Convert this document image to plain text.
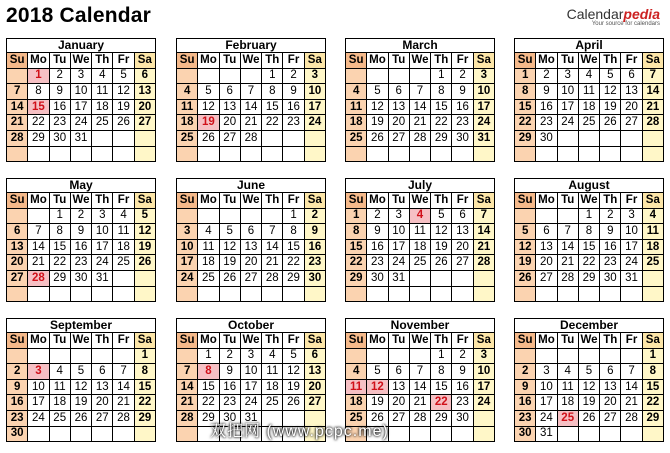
2018 Calendar	Calendarpedia
Your source for calendars
January
Su	Mo	Tu	We	Th	Fr	Sa
	1	2	3	4	5	6
7	8	9	10	11	12	13
14	15	16	17	18	19	20
21	22	23	24	25	26	27
28	29	30	31			

February
Su	Mo	Tu	We	Th	Fr	Sa
				1	2	3
4	5	6	7	8	9	10
11	12	13	14	15	16	17
18	19	20	21	22	23	24
25	26	27	28			

March
Su	Mo	Tu	We	Th	Fr	Sa
				1	2	3
4	5	6	7	8	9	10
11	12	13	14	15	16	17
18	19	20	21	22	23	24
25	26	27	28	29	30	31

April
Su	Mo	Tu	We	Th	Fr	Sa
1	2	3	4	5	6	7
8	9	10	11	12	13	14
15	16	17	18	19	20	21
22	23	24	25	26	27	28
29	30					

May
Su	Mo	Tu	We	Th	Fr	Sa
		1	2	3	4	5
6	7	8	9	10	11	12
13	14	15	16	17	18	19
20	21	22	23	24	25	26
27	28	29	30	31		

June
Su	Mo	Tu	We	Th	Fr	Sa
					1	2
3	4	5	6	7	8	9
10	11	12	13	14	15	16
17	18	19	20	21	22	23
24	25	26	27	28	29	30

July
Su	Mo	Tu	We	Th	Fr	Sa
1	2	3	4	5	6	7
8	9	10	11	12	13	14
15	16	17	18	19	20	21
22	23	24	25	26	27	28
29	30	31				

August
Su	Mo	Tu	We	Th	Fr	Sa
			1	2	3	4
5	6	7	8	9	10	11
12	13	14	15	16	17	18
19	20	21	22	23	24	25
26	27	28	29	30	31	

September
Su	Mo	Tu	We	Th	Fr	Sa
						1
2	3	4	5	6	7	8
9	10	11	12	13	14	15
16	17	18	19	20	21	22
23	24	25	26	27	28	29
30						
October
Su	Mo	Tu	We	Th	Fr	Sa
	1	2	3	4	5	6
7	8	9	10	11	12	13
14	15	16	17	18	19	20
21	22	23	24	25	26	27
28	29	30	31			

November
Su	Mo	Tu	We	Th	Fr	Sa
				1	2	3
4	5	6	7	8	9	10
11	12	13	14	15	16	17
18	19	20	21	22	23	24
25	26	27	28	29	30	

December
Su	Mo	Tu	We	Th	Fr	Sa
						1
2	3	4	5	6	7	8
9	10	11	12	13	14	15
16	17	18	19	20	21	22
23	24	25	26	27	28	29
30	31					
双把网 (www.pcpc.me)
